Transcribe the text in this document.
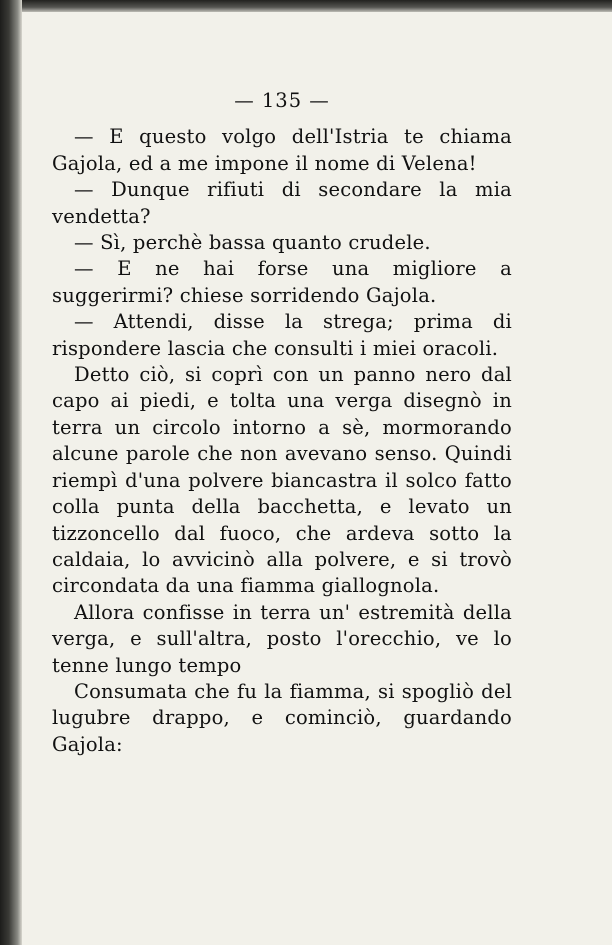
— 135 —

— E questo volgo dell'Istria te chiama Gajola, ed a me impone il nome di Velena!

— Dunque rifiuti di secondare la mia vendetta?

— Sì, perchè bassa quanto crudele.

— E ne hai forse una migliore a suggerirmi? chiese sorridendo Gajola.

— Attendi, disse la strega; prima di rispondere lascia che consulti i miei oracoli.

Detto ciò, si coprì con un panno nero dal capo ai piedi, e tolta una verga disegnò in terra un circolo intorno a sè, mormorando alcune parole che non avevano senso. Quindi riempì d'una polvere biancastra il solco fatto colla punta della bacchetta, e levato un tizzoncello dal fuoco, che ardeva sotto la caldaia, lo avvicinò alla polvere, e si trovò circondata da una fiamma giallognola.

Allora confisse in terra un' estremità della verga, e sull'altra, posto l'orecchio, ve lo tenne lungo tempo

Consumata che fu la fiamma, si spogliò del lugubre drappo, e cominciò, guardando Gajola:
